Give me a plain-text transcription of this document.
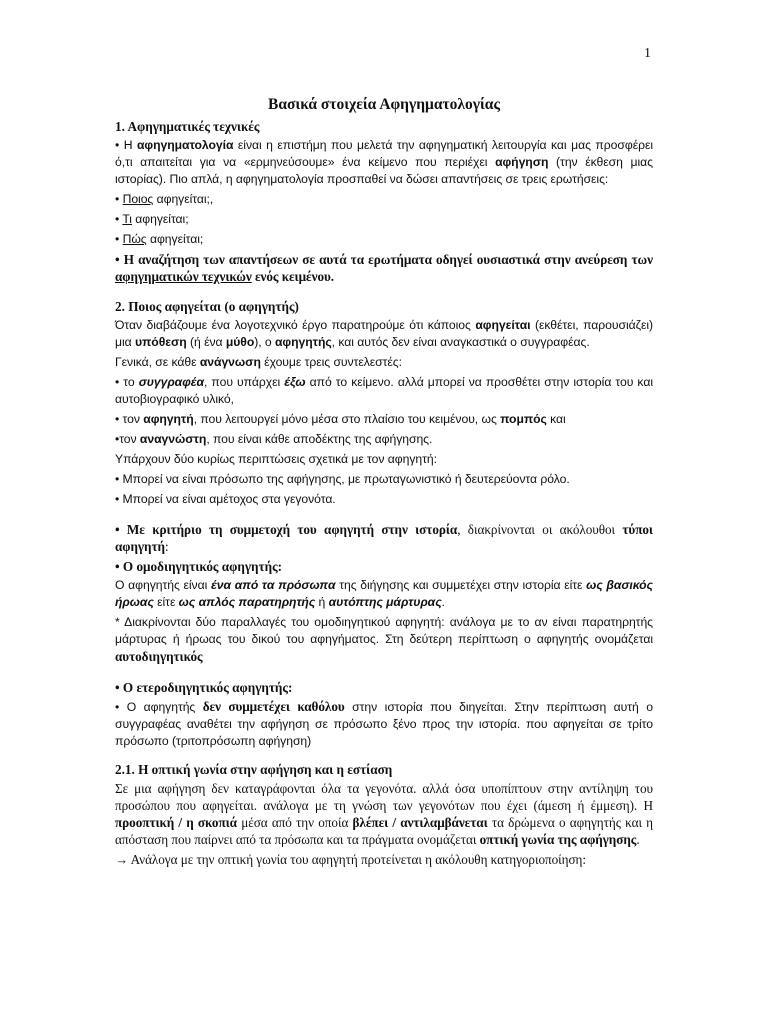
1
Βασικά στοιχεία Αφηγηματολογίας
1. Αφηγηματικές τεχνικές
• Η αφηγηματολογία είναι η επιστήμη που μελετά την αφηγηματική λειτουργία και μας προσφέρει ό,τι απαιτείται για να «ερμηνεύσουμε» ένα κείμενο που περιέχει αφήγηση (την έκθεση μιας ιστορίας). Πιο απλά, η αφηγηματολογία προσπαθεί να δώσει απαντήσεις σε τρεις ερωτήσεις:
• Ποιος αφηγείται;,
• Τι αφηγείται;
• Πώς αφηγείται;
• Η αναζήτηση των απαντήσεων σε αυτά τα ερωτήματα οδηγεί ουσιαστικά στην ανεύρεση των αφηγηματικών τεχνικών ενός κειμένου.
2. Ποιος αφηγείται (ο αφηγητής)
Όταν διαβάζουμε ένα λογοτεχνικό έργο παρατηρούμε ότι κάποιος αφηγείται (εκθέτει, παρουσιάζει) μια υπόθεση (ή ένα μύθο), ο αφηγητής, και αυτός δεν είναι αναγκαστικά ο συγγραφέας.
Γενικά, σε κάθε ανάγνωση έχουμε τρεις συντελεστές:
• το συγγραφέα, που υπάρχει έξω από το κείμενο. αλλά μπορεί να προσθέτει στην ιστορία του και αυτοβιογραφικό υλικό,
• τον αφηγητή, που λειτουργεί μόνο μέσα στο πλαίσιο του κειμένου, ως πομπός και
•τον αναγνώστη, που είναι κάθε αποδέκτης της αφήγησης.
Υπάρχουν δύο κυρίως περιπτώσεις σχετικά με τον αφηγητή:
• Μπορεί να είναι πρόσωπο της αφήγησης, με πρωταγωνιστικό ή δευτερεύοντα ρόλο.
• Μπορεί να είναι αμέτοχος στα γεγονότα.
• Με κριτήριο τη συμμετοχή του αφηγητή στην ιστορία, διακρίνονται οι ακόλουθοι τύποι αφηγητή:
• Ο ομοδιηγητικός αφηγητής:
Ο αφηγητής είναι ένα από τα πρόσωπα της διήγησης και συμμετέχει στην ιστορία είτε ως βασικός ήρωας είτε ως απλός παρατηρητής ή αυτόπτης μάρτυρας.
* Διακρίνονται δύο παραλλαγές του ομοδιηγητικού αφηγητή: ανάλογα με το αν είναι παρατηρητής μάρτυρας ή ήρωας του δικού του αφηγήματος. Στη δεύτερη περίπτωση ο αφηγητής ονομάζεται αυτοδιηγητικός
• Ο ετεροδιηγητικός αφηγητής:
• Ο αφηγητής δεν συμμετέχει καθόλου στην ιστορία που διηγείται. Στην περίπτωση αυτή ο συγγραφέας αναθέτει την αφήγηση σε πρόσωπο ξένο προς την ιστορία. που αφηγείται σε τρίτο πρόσωπο (τριτοπρόσωπη αφήγηση)
2.1. Η οπτική γωνία στην αφήγηση και η εστίαση
Σε μια αφήγηση δεν καταγράφονται όλα τα γεγονότα. αλλά όσα υποπίπτουν στην αντίληψη του προσώπου που αφηγείται. ανάλογα με τη γνώση των γεγονότων που έχει (άμεση ή έμμεση). Η προοπτική / η σκοπιά μέσα από την οποία βλέπει / αντιλαμβάνεται τα δρώμενα ο αφηγητής και η απόσταση που παίρνει από τα πρόσωπα και τα πράγματα ονομάζεται οπτική γωνία της αφήγησης.
→ Ανάλογα με την οπτική γωνία του αφηγητή προτείνεται η ακόλουθη κατηγοριοποίηση:
